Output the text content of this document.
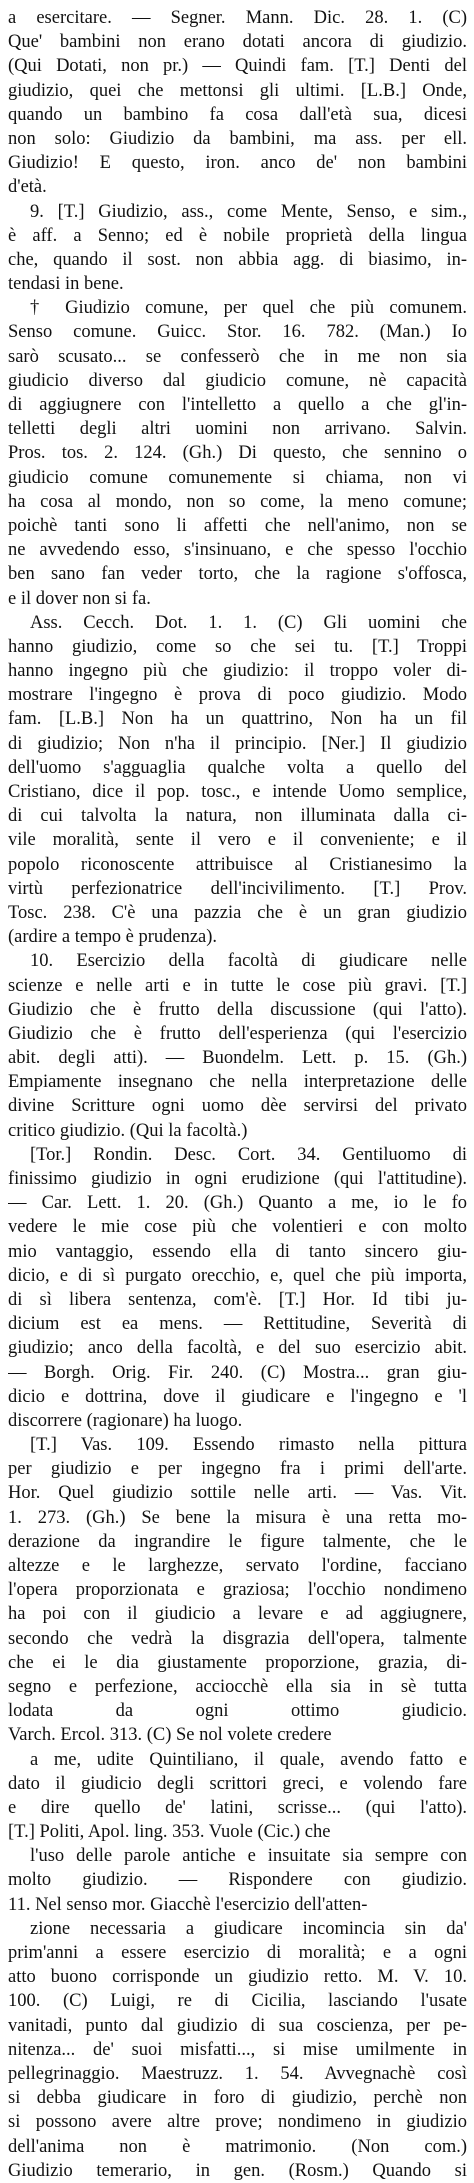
a esercitare. — Segner. Mann. Dic. 28. 1. (C)
Que' bambini non erano dotati ancora di giudizio.
(Qui Dotati, non pr.) — Quindi fam. [T.] Denti del
giudizio, quei che mettonsi gli ultimi. [L.B.] Onde,
quando un bambino fa cosa dall'età sua, dicesi
non solo: Giudizio da bambini, ma ass. per ell.
Giudizio! E questo, iron. anco de' non bambini
d'età.
9. [T.] Giudizio, ass., come Mente, Senso, e sim.,
è aff. a Senno; ed è nobile proprietà della lingua
che, quando il sost. non abbia agg. di biasimo, in-
tendasi in bene.
† Giudizio comune, per quel che più comunem.
Senso comune. Guicc. Stor. 16. 782. (Man.) Io
sarò scusato... se confesserò che in me non sia
giudicio diverso dal giudicio comune, nè capacità
di aggiugnere con l'intelletto a quello a che gl'in-
telletti degli altri uomini non arrivano. Salvin.
Pros. tos. 2. 124. (Gh.) Di questo, che sennino o
giudicio comune comunemente si chiama, non vi
ha cosa al mondo, non so come, la meno comune;
poichè tanti sono li affetti che nell'animo, non se
ne avvedendo esso, s'insinuano, e che spesso l'occhio
ben sano fan veder torto, che la ragione s'offosca,
e il dover non si fa.
Ass. Cecch. Dot. 1. 1. (C) Gli uomini che
hanno giudizio, come so che sei tu. [T.] Troppi
hanno ingegno più che giudizio: il troppo voler di-
mostrare l'ingegno è prova di poco giudizio. Modo
fam. [L.B.] Non ha un quattrino, Non ha un fil
di giudizio; Non n'ha il principio. [Ner.] Il giudizio
dell'uomo s'agguaglia qualche volta a quello del
Cristiano, dice il pop. tosc., e intende Uomo semplice,
di cui talvolta la natura, non illuminata dalla ci-
vile moralità, sente il vero e il conveniente; e il
popolo riconoscente attribuisce al Cristianesimo la
virtù perfezionatrice dell'incivilimento. [T.] Prov.
Tosc. 238. C'è una pazzia che è un gran giudizio
(ardire a tempo è prudenza).
10. Esercizio della facoltà di giudicare nelle
scienze e nelle arti e in tutte le cose più gravi. [T.]
Giudizio che è frutto della discussione (qui l'atto).
Giudizio che è frutto dell'esperienza (qui l'esercizio
abit. degli atti). — Buondelm. Lett. p. 15. (Gh.)
Empiamente insegnano che nella interpretazione delle
divine Scritture ogni uomo dèe servirsi del privato
critico giudizio. (Qui la facoltà.)
[Tor.] Rondin. Desc. Cort. 34. Gentiluomo di
finissimo giudizio in ogni erudizione (qui l'attitudine).
— Car. Lett. 1. 20. (Gh.) Quanto a me, io le fo
vedere le mie cose più che volentieri e con molto
mio vantaggio, essendo ella di tanto sincero giu-
dicio, e di sì purgato orecchio, e, quel che più importa,
di sì libera sentenza, com'è. [T.] Hor. Id tibi ju-
dicium est ea mens. — Rettitudine, Severità di
giudizio; anco della facoltà, e del suo esercizio abit.
— Borgh. Orig. Fir. 240. (C) Mostra... gran giu-
dicio e dottrina, dove il giudicare e l'ingegno e 'l
discorrere (ragionare) ha luogo.
[T.] Vas. 109. Essendo rimasto nella pittura
per giudizio e per ingegno fra i primi dell'arte.
Hor. Quel giudizio sottile nelle arti. — Vas. Vit.
1. 273. (Gh.) Se bene la misura è una retta mo-
derazione da ingrandire le figure talmente, che le
altezze e le larghezze, servato l'ordine, facciano
l'opera proporzionata e graziosa; l'occhio nondimeno
ha poi con il giudicio a levare e ad aggiugnere,
secondo che vedrà la disgrazia dell'opera, talmente
che ei le dia giustamente proporzione, grazia, di-
segno e perfezione, acciocchè ella sia in sè tutta
lodata da ogni ottimo giudicio.
Varch. Ercol. 313. (C) Se nol volete credere
a me, udite Quintiliano, il quale, avendo fatto e
dato il giudicio degli scrittori greci, e volendo fare
e dire quello de' latini, scrisse... (qui l'atto).
[T.] Politi, Apol. ling. 353. Vuole (Cic.) che
l'uso delle parole antiche e insuitate sia sempre con
molto giudizio. — Rispondere con giudizio.
11. Nel senso mor. Giacchè l'esercizio dell'atten-
zione necessaria a giudicare incomincia sin da'
prim'anni a essere esercizio di moralità; e a ogni
atto buono corrisponde un giudizio retto. M. V. 10.
100. (C) Luigi, re di Cicilia, lasciando l'usate
vanitadi, punto dal giudizio di sua coscienza, per pe-
nitenza... de' suoi misfatti..., si mise umilmente in
pellegrinaggio. Maestruzz. 1. 54. Avvegnachè così
si debba giudicare in foro di giudizio, perchè non
si possono avere altre prove; nondimeno in giudizio
dell'anima non è matrimonio. (Non com.)
Giudizio temerario, in gen. (Rosm.) Quando si
